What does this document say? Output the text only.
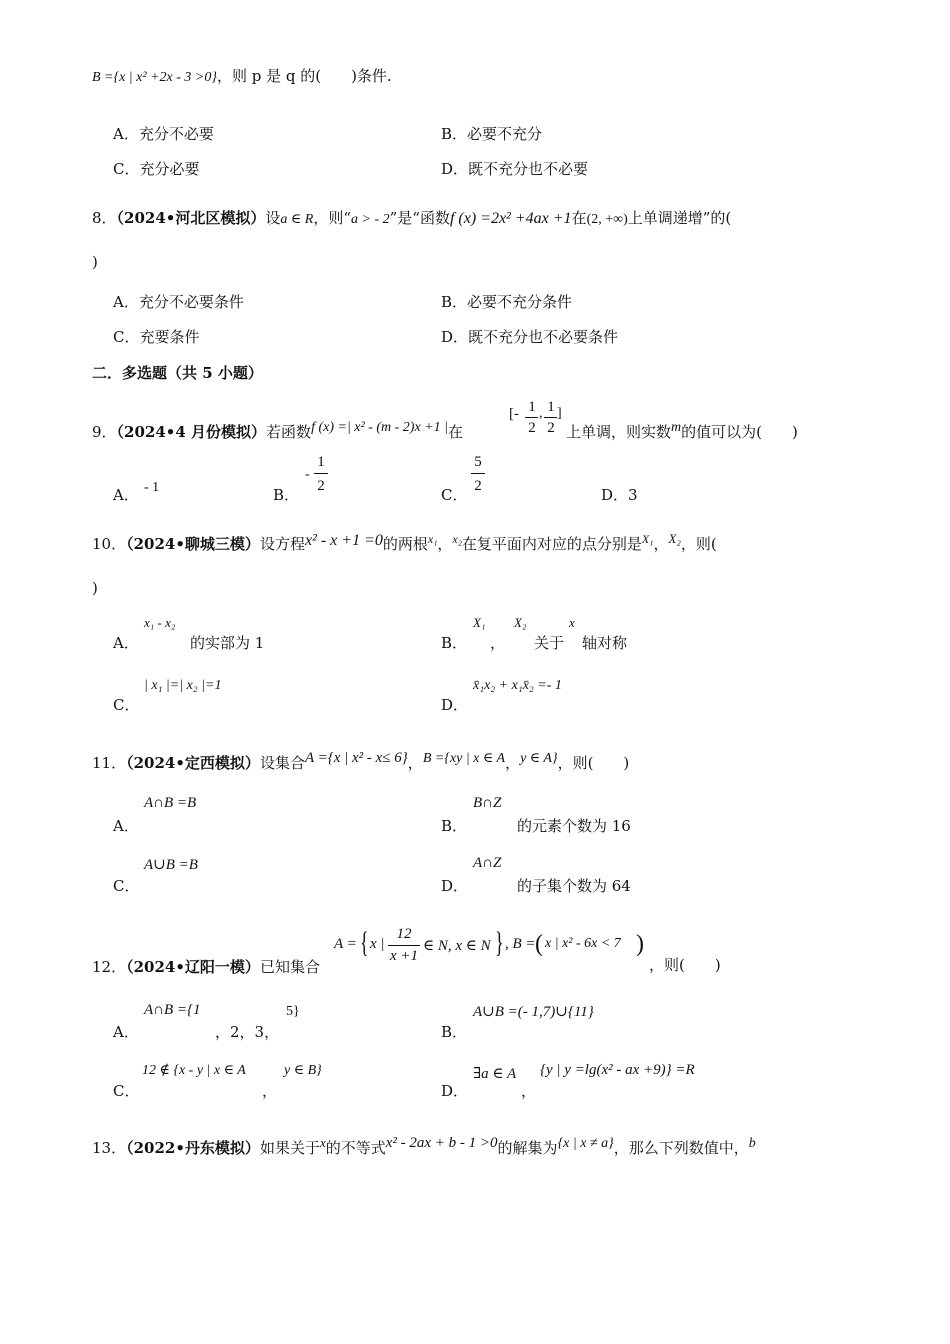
B ={x | x² +2x - 3 >0}，则 p 是 q 的(　　)条件.
A．充分不必要	B．必要不充分
C．充分必要	D．既不充分也不必要
8．（2024•河北区模拟）设a ∈ R，则“a > - 2”是“函数f (x) =2x² +4ax +1在(2, +∞)上单调递增”的(
)
A．充分不必要条件	B．必要不充分条件
C．充要条件	D．既不充分也不必要条件
二．多选题（共 5 小题）
9．（2024•4 月份模拟）若函数f (x) =| x² - (m - 2)x +1 |在
[- 1
2
, 1
2
]
上单调，则实数m的值可以为(　　)
A． - 1	B．
-
1
2	C．
5
2	D．3
10．（2024•聊城三模）设方程x² - x +1 =0的两根$^{x_1}$，$^{x_2}$在复平面内对应的点分别是$^{X_1}$，X₂，则(
)
A．
x₁ - x₂
的实部为 1	B．
X₁
，
X₂
关于
x
轴对称
C．
| x₁ |=| x₂ |=1
D．
x̄₁x₂ + x₁x̄₂ =- 1
11．（2024•定西模拟）设集合A ={x | x² - x≤ 6}，B ={xy | x ∈ A，y ∈ A}，则(　　)
A．
A∩B =B
B．
B∩Z
的元素个数为 16
C．
A∪B =B
D．
A∩Z
的子集个数为 64
12．（2024•辽阳一模）已知集合
A = { x |
12
x +1
∈ N, x ∈ N } , B = ( x | x² - 6x < 7 )
，则(　　)
A．
A∩B ={1
，2，3，
5}
B．
A∪B =(- 1,7)∪{11}
C．
12 ∉ {x - y | x ∈ A
，
y ∈ B}
D．
∃a ∈ A
，
{y | y =lg(x² - ax +9)} =R
13．（2022•丹东模拟）如果关于x的不等式x² - 2ax + b - 1 >0的解集为{x | x ≠ a}，那么下列数值中，b
